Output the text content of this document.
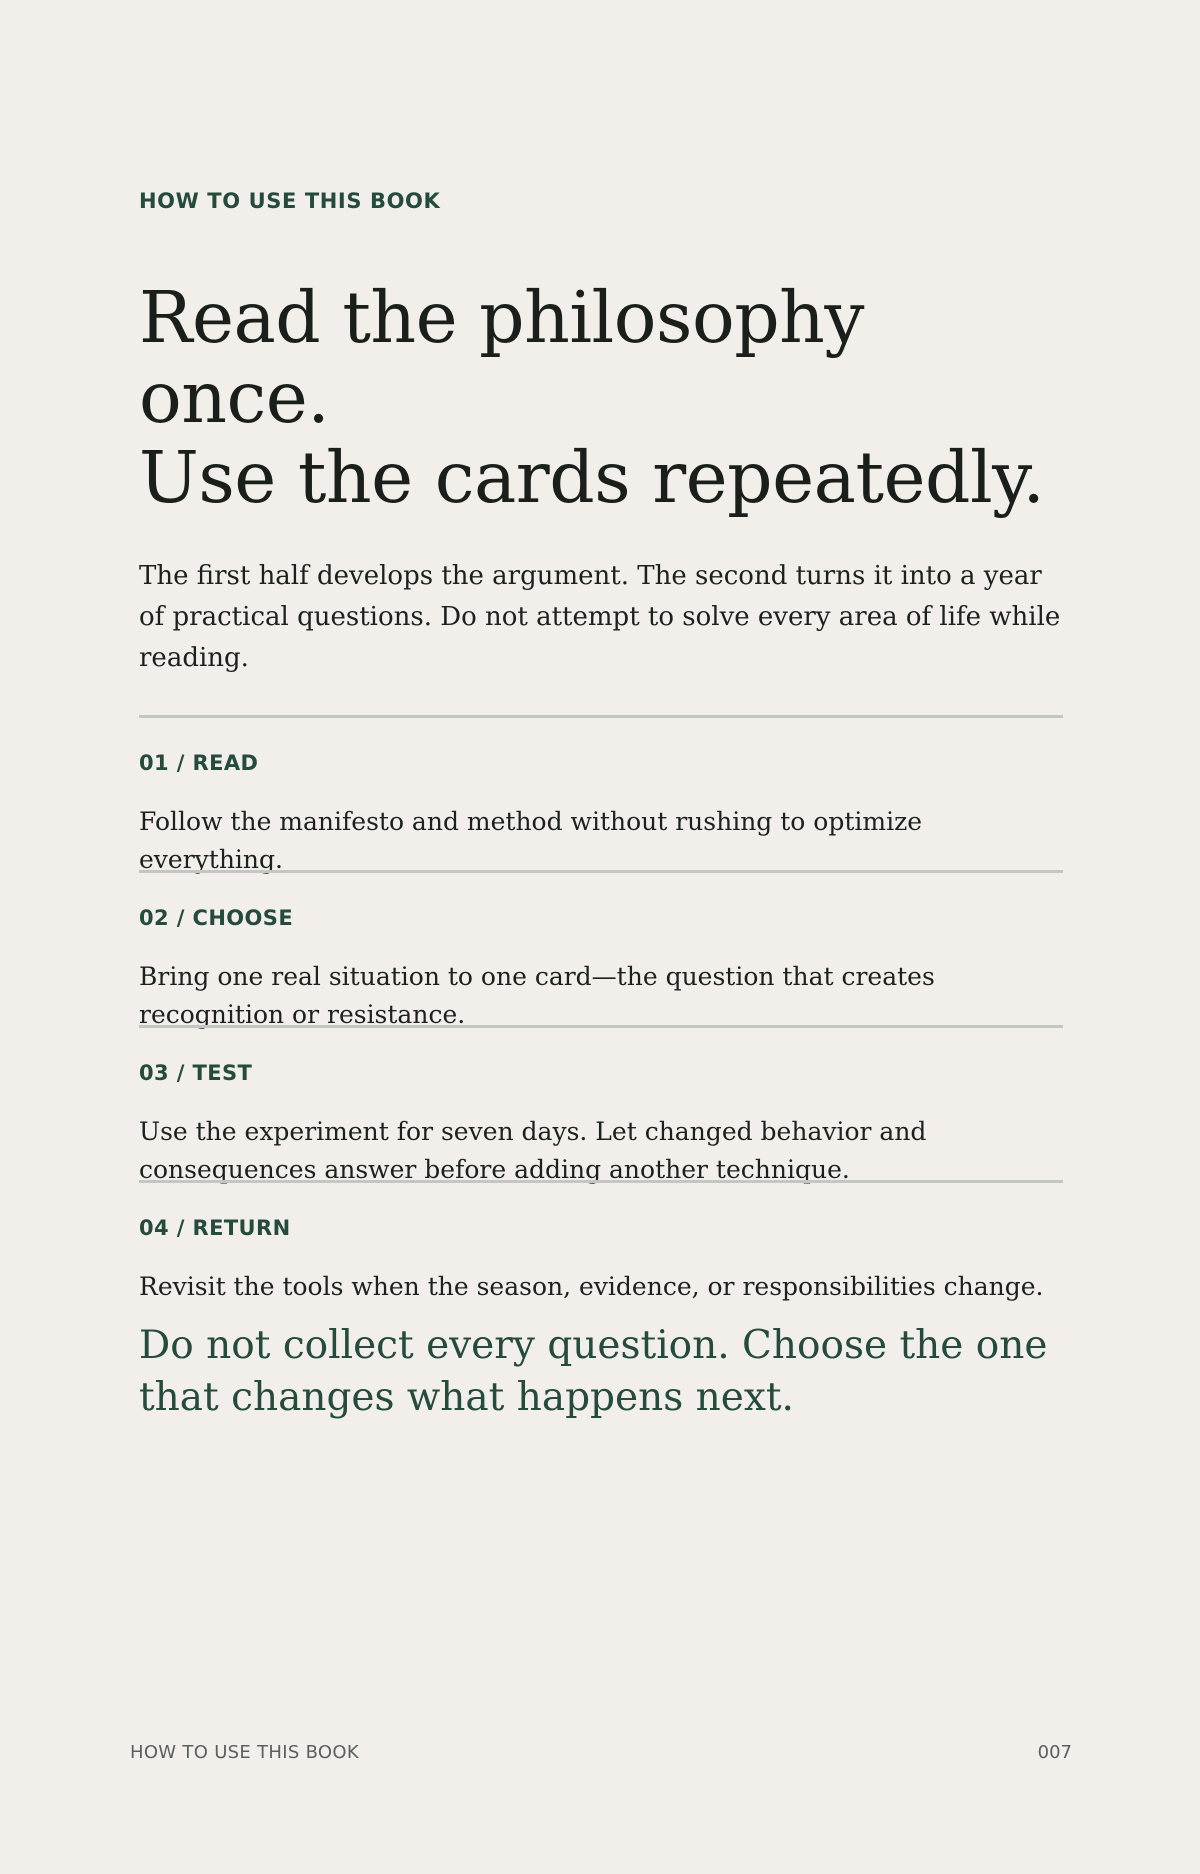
HOW TO USE THIS BOOK

Read the philosophy
once.
Use the cards repeatedly.

The first half develops the argument. The second turns it into a year of practical questions. Do not attempt to solve every area of life while reading.

01 / READ

Follow the manifesto and method without rushing to optimize everything.

02 / CHOOSE

Bring one real situation to one card—the question that creates recognition or resistance.

03 / TEST

Use the experiment for seven days. Let changed behavior and consequences answer before adding another technique.

04 / RETURN

Revisit the tools when the season, evidence, or responsibilities change.

Do not collect every question. Choose the one that changes what happens next.

HOW TO USE THIS BOOK	007
